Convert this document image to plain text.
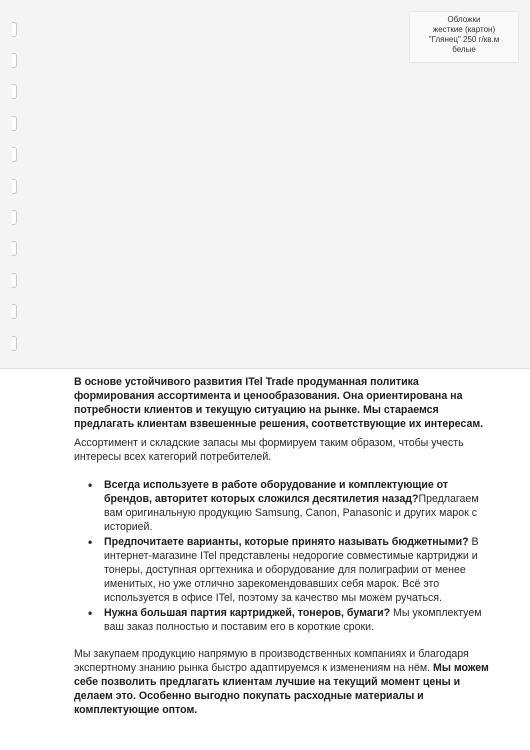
Обложки
жесткие (картон)
"Глянец" 250 г/кв.м
белые

В основе устойчивого развития ITel Trade продуманная политика формирования ассортимента и ценообразования. Она ориентирована на потребности клиентов и текущую ситуацию на рынке. Мы стараемся предлагать клиентам взвешенные решения, соответствующие их интересам.

Ассортимент и складские запасы мы формируем таким образом, чтобы учесть интересы всех категорий потребителей.

• Всегда используете в работе оборудование и комплектующие от брендов, авторитет которых сложился десятилетия назад?Предлагаем вам оригинальную продукцию Samsung, Canon, Panasonic и других марок с историей.
• Предпочитаете варианты, которые принято называть бюджетными? В интернет-магазине ITel представлены недорогие совместимые картриджи и тонеры, доступная оргтехника и оборудование для полиграфии от менее именитых, но уже отлично зарекомендовавших себя марок. Всё это используется в офисе ITel, поэтому за качество мы можем ручаться.
• Нужна большая партия картриджей, тонеров, бумаги? Мы укомплектуем ваш заказ полностью и поставим его в короткие сроки.

Мы закупаем продукцию напрямую в производственных компаниях и благодаря экспертному знанию рынка быстро адаптируемся к изменениям на нём. Мы можем себе позволить предлагать клиентам лучшие на текущий момент цены и делаем это. Особенно выгодно покупать расходные материалы и комплектующие оптом.
